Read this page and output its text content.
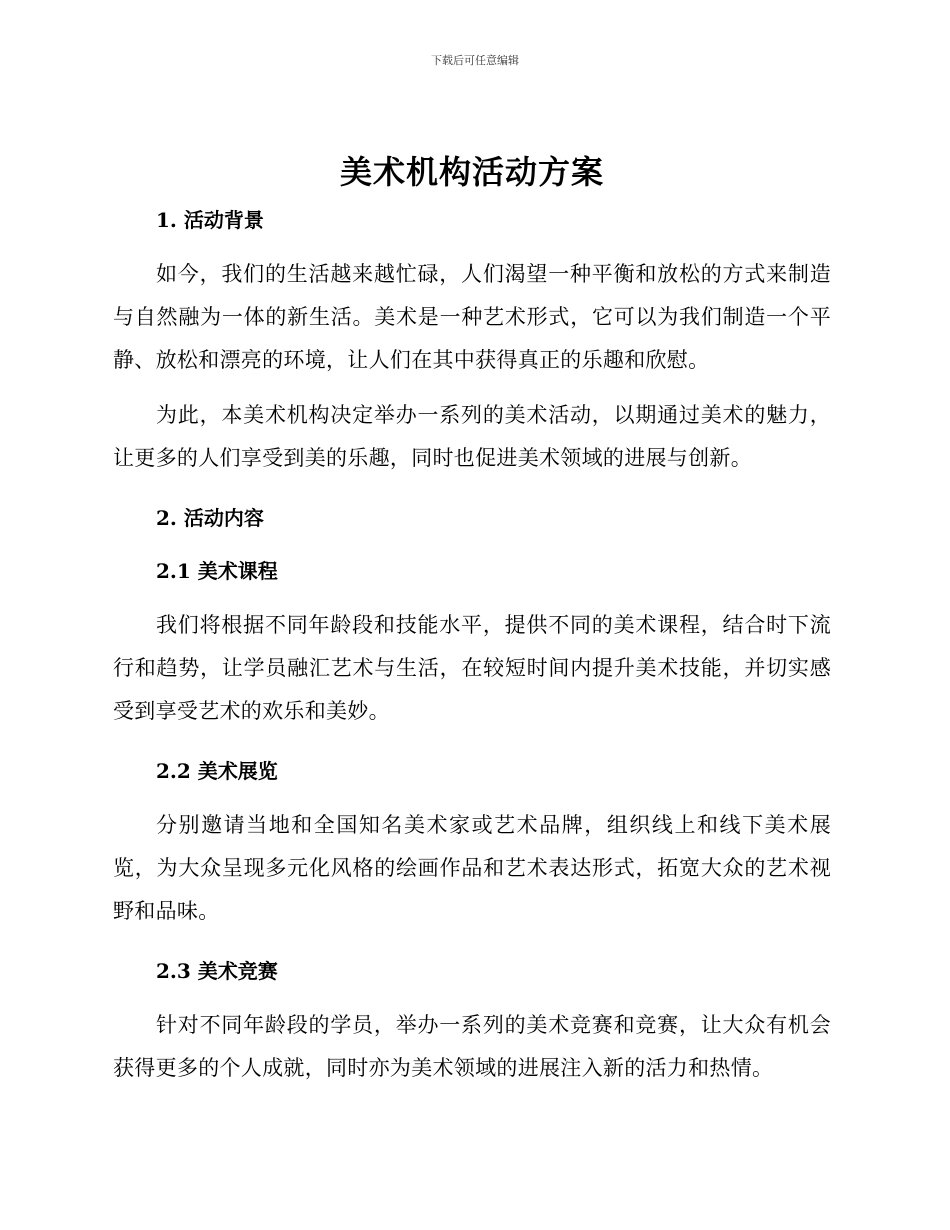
下载后可任意编辑
美术机构活动方案
1. 活动背景

如今，我们的生活越来越忙碌，人们渴望一种平衡和放松的方式来制造与自然融为一体的新生活。美术是一种艺术形式，它可以为我们制造一个平静、放松和漂亮的环境，让人们在其中获得真正的乐趣和欣慰。

为此，本美术机构决定举办一系列的美术活动，以期通过美术的魅力，让更多的人们享受到美的乐趣，同时也促进美术领域的进展与创新。

2. 活动内容
2.1 美术课程

我们将根据不同年龄段和技能水平，提供不同的美术课程，结合时下流行和趋势，让学员融汇艺术与生活，在较短时间内提升美术技能，并切实感受到享受艺术的欢乐和美妙。

2.2 美术展览

分别邀请当地和全国知名美术家或艺术品牌，组织线上和线下美术展览，为大众呈现多元化风格的绘画作品和艺术表达形式，拓宽大众的艺术视野和品味。

2.3 美术竞赛

针对不同年龄段的学员，举办一系列的美术竞赛和竞赛，让大众有机会获得更多的个人成就，同时亦为美术领域的进展注入新的活力和热情。
